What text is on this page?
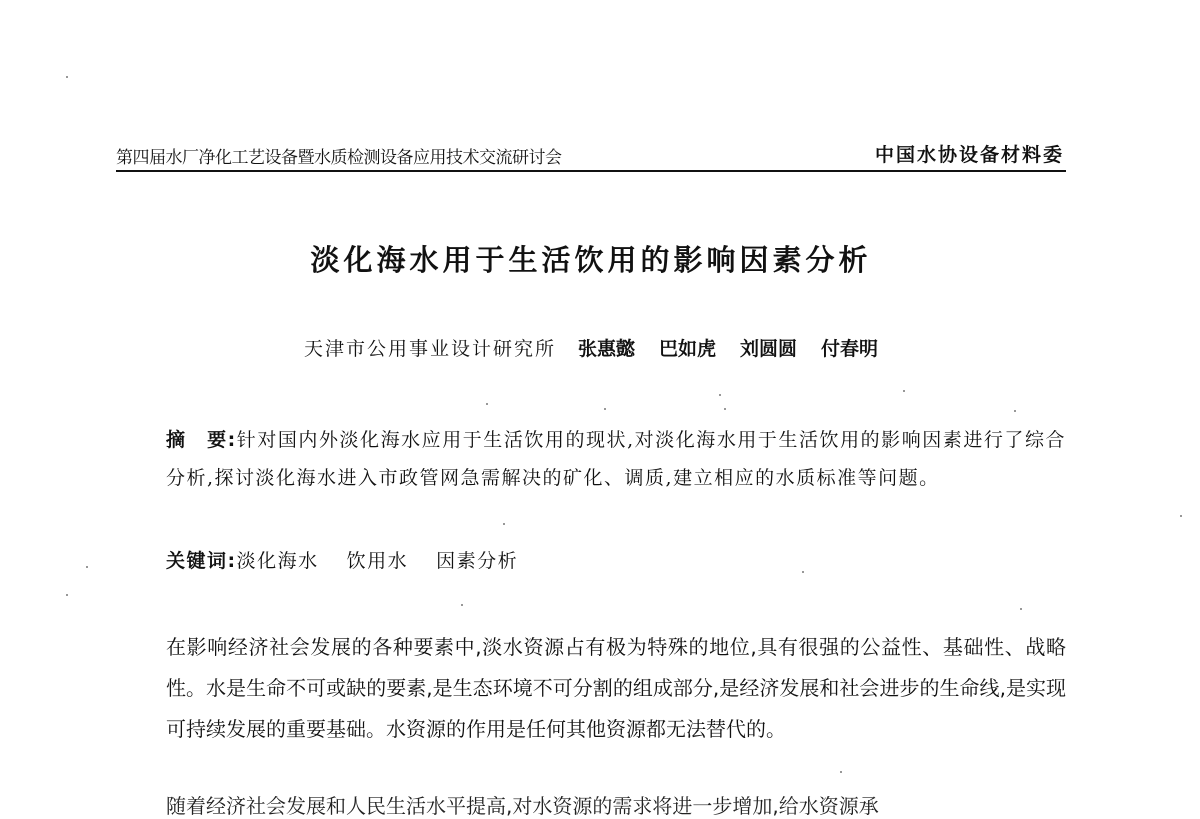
第四届水厂净化工艺设备暨水质检测设备应用技术交流研讨会	中国水协设备材料委
淡化海水用于生活饮用的影响因素分析
天津市公用事业设计研究所 张惠懿 巴如虎 刘圆圆 付春明
摘　要:针对国内外淡化海水应用于生活饮用的现状,对淡化海水用于生活饮用的影响因素进行了综合分析,探讨淡化海水进入市政管网急需解决的矿化、调质,建立相应的水质标准等问题。
关键词:淡化海水 饮用水 因素分析
在影响经济社会发展的各种要素中,淡水资源占有极为特殊的地位,具有很强的公益性、基础性、战略性。水是生命不可或缺的要素,是生态环境不可分割的组成部分,是经济发展和社会进步的生命线,是实现可持续发展的重要基础。水资源的作用是任何其他资源都无法替代的。
随着经济社会发展和人民生活水平提高,对水资源的需求将进一步增加,给水资源承
